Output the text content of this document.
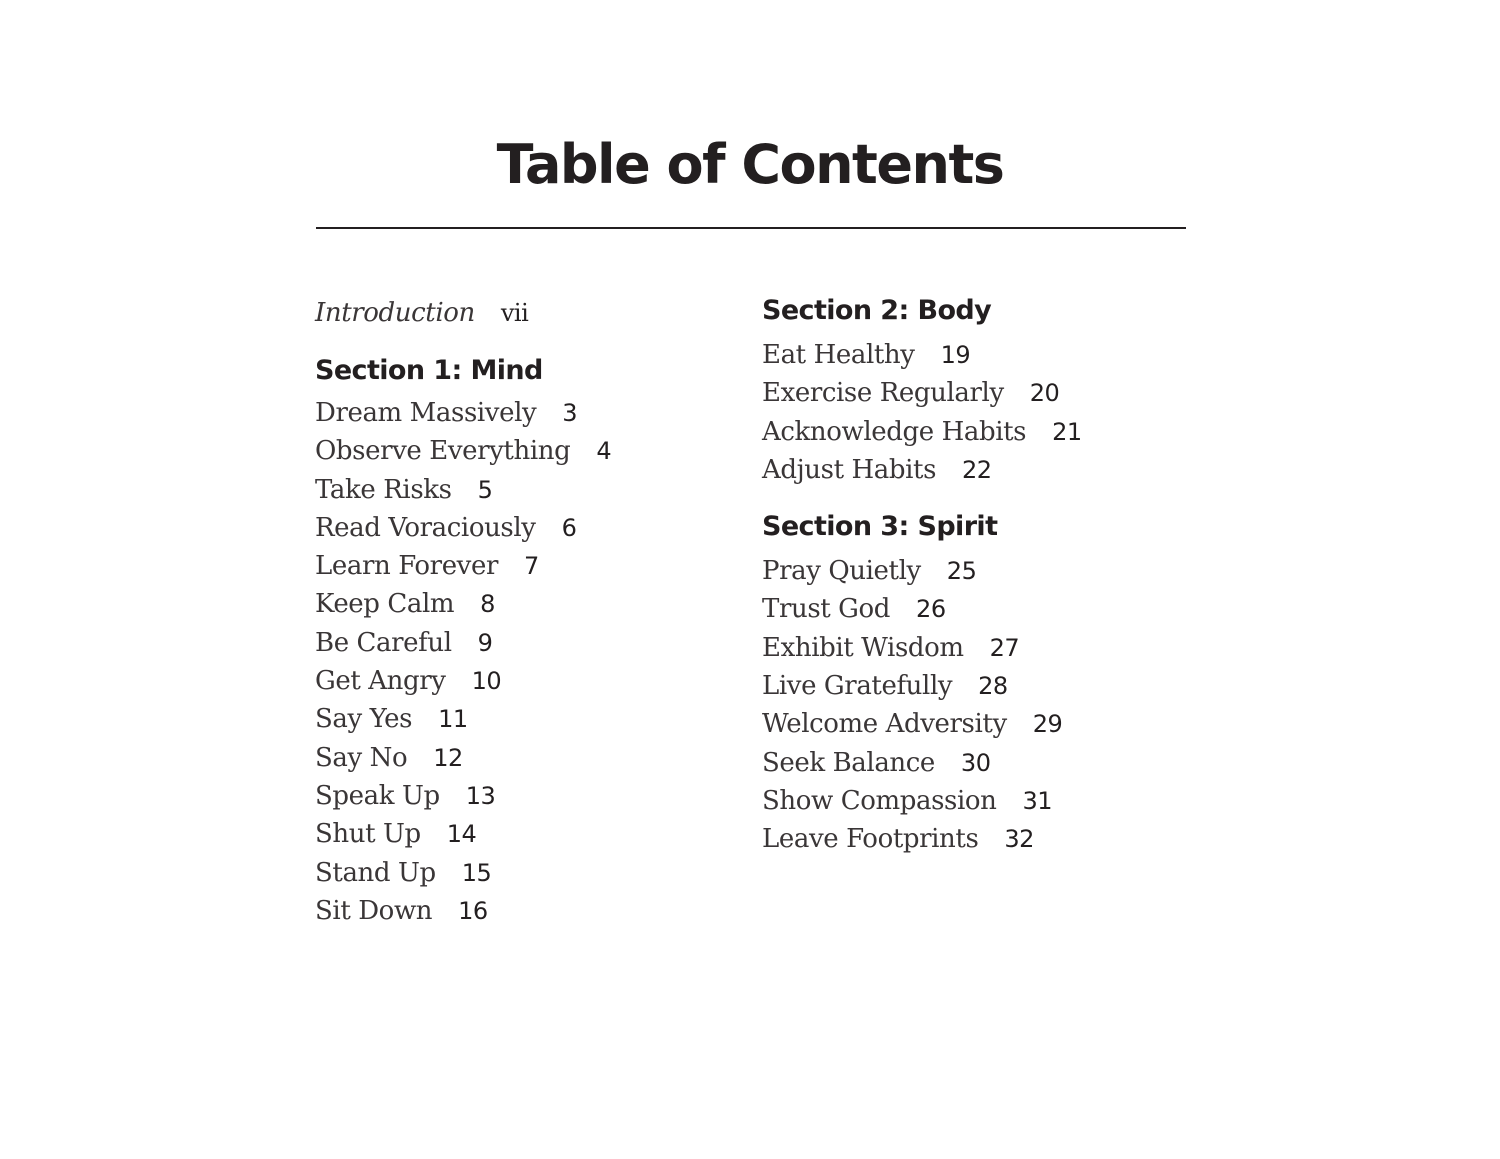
Table of Contents
Introduction vii
Section 1: Mind
Dream Massively 3
Observe Everything 4
Take Risks 5
Read Voraciously 6
Learn Forever 7
Keep Calm 8
Be Careful 9
Get Angry 10
Say Yes 11
Say No 12
Speak Up 13
Shut Up 14
Stand Up 15
Sit Down 16
Section 2: Body
Eat Healthy 19
Exercise Regularly 20
Acknowledge Habits 21
Adjust Habits 22
Section 3: Spirit
Pray Quietly 25
Trust God 26
Exhibit Wisdom 27
Live Gratefully 28
Welcome Adversity 29
Seek Balance 30
Show Compassion 31
Leave Footprints 32
